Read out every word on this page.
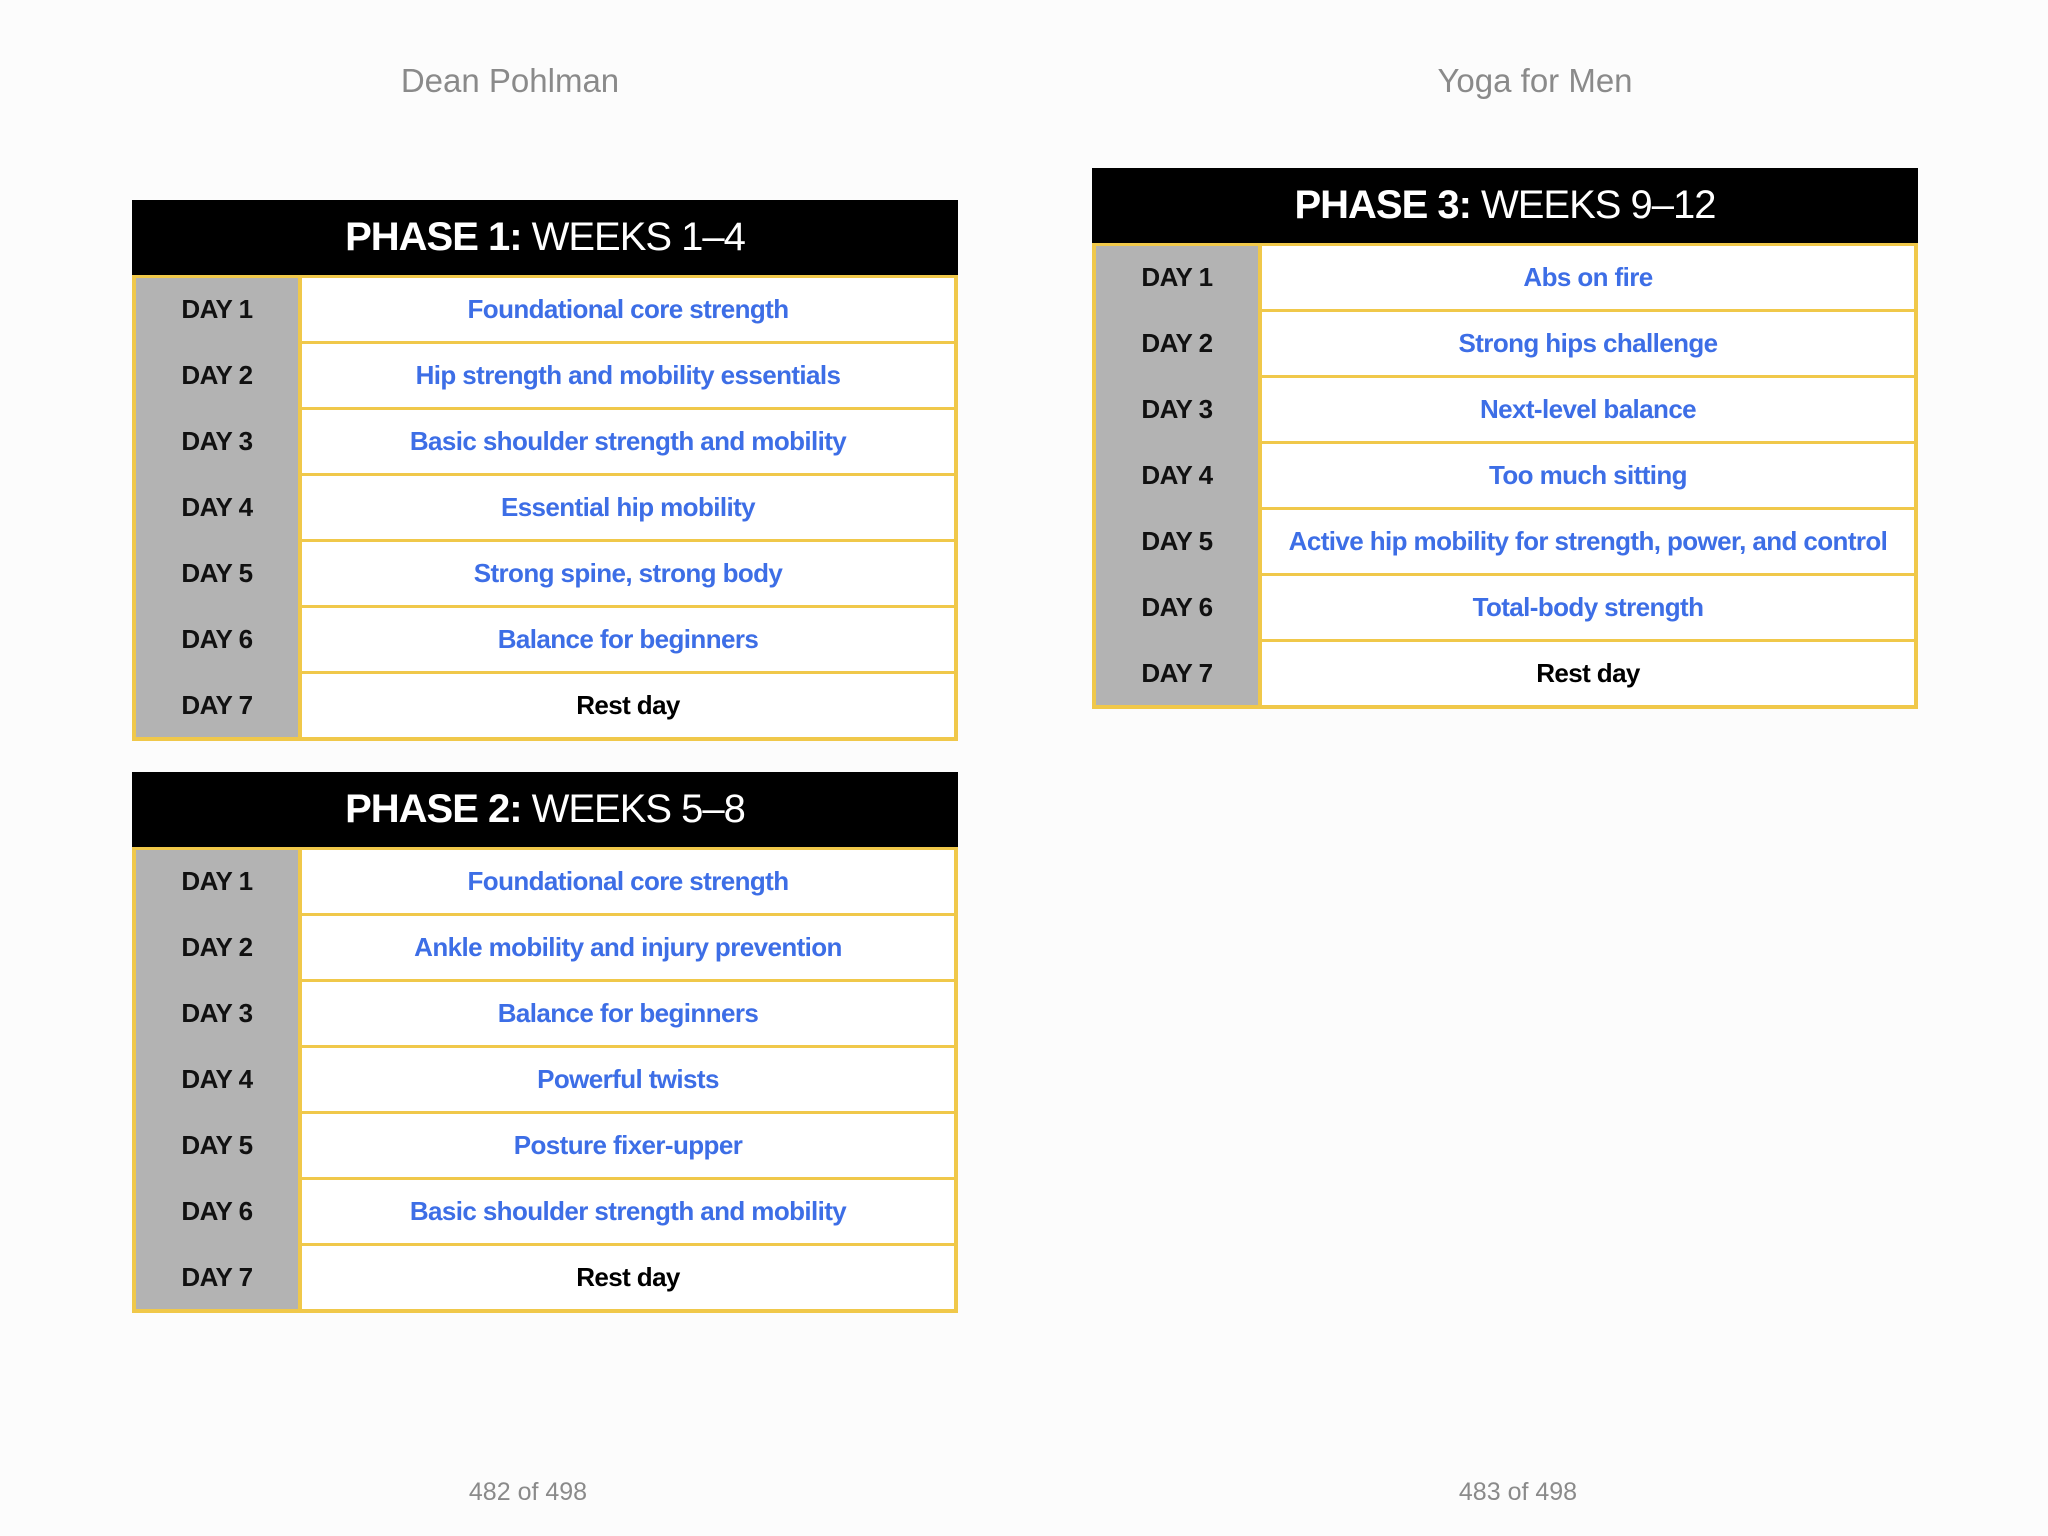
Dean Pohlman	Yoga for Men
PHASE 1: WEEKS 1–4
DAY 1	Foundational core strength
DAY 2	Hip strength and mobility essentials
DAY 3	Basic shoulder strength and mobility
DAY 4	Essential hip mobility
DAY 5	Strong spine, strong body
DAY 6	Balance for beginners
DAY 7	Rest day
PHASE 2: WEEKS 5–8
DAY 1	Foundational core strength
DAY 2	Ankle mobility and injury prevention
DAY 3	Balance for beginners
DAY 4	Powerful twists
DAY 5	Posture fixer-upper
DAY 6	Basic shoulder strength and mobility
DAY 7	Rest day
PHASE 3: WEEKS 9–12
DAY 1	Abs on fire
DAY 2	Strong hips challenge
DAY 3	Next-level balance
DAY 4	Too much sitting
DAY 5	Active hip mobility for strength, power, and control
DAY 6	Total-body strength
DAY 7	Rest day
482 of 498	483 of 498
